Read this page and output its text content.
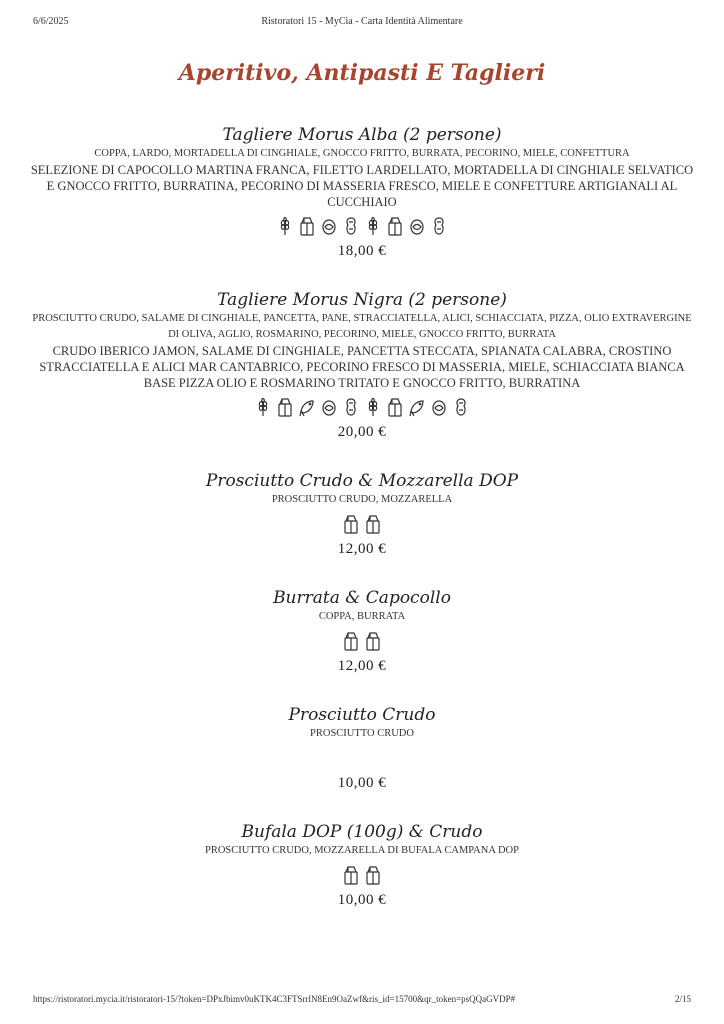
6/6/2025	Ristoratori 15 - MyCia - Carta Identità Alimentare
Aperitivo, Antipasti E Taglieri

Tagliere Morus Alba (2 persone)

COPPA, LARDO, MORTADELLA DI CINGHIALE, GNOCCO FRITTO, BURRATA, PECORINO, MIELE, CONFETTURA

SELEZIONE DI CAPOCOLLO MARTINA FRANCA, FILETTO LARDELLATO, MORTADELLA DI CINGHIALE SELVATICO E GNOCCO FRITTO, BURRATINA, PECORINO DI MASSERIA FRESCO, MIELE E CONFETTURE ARTIGIANALI AL CUCCHIAIO

18,00 €

Tagliere Morus Nigra (2 persone)

PROSCIUTTO CRUDO, SALAME DI CINGHIALE, PANCETTA, PANE, STRACCIATELLA, ALICI, SCHIACCIATA, PIZZA, OLIO EXTRAVERGINE DI OLIVA, AGLIO, ROSMARINO, PECORINO, MIELE, GNOCCO FRITTO, BURRATA

CRUDO IBERICO JAMON, SALAME DI CINGHIALE, PANCETTA STECCATA, SPIANATA CALABRA, CROSTINO STRACCIATELLA E ALICI MAR CANTABRICO, PECORINO FRESCO DI MASSERIA, MIELE, SCHIACCIATA BIANCA BASE PIZZA OLIO E ROSMARINO TRITATO E GNOCCO FRITTO, BURRATINA

20,00 €

Prosciutto Crudo & Mozzarella DOP

PROSCIUTTO CRUDO, MOZZARELLA

12,00 €

Burrata & Capocollo

COPPA, BURRATA

12,00 €

Prosciutto Crudo

PROSCIUTTO CRUDO

10,00 €

Bufala DOP (100g) & Crudo

PROSCIUTTO CRUDO, MOZZARELLA DI BUFALA CAMPANA DOP

10,00 €
https://ristoratori.mycia.it/ristoratori-15/?token=DPxJbimv0uKTK4C3FTSrrlN8En9OaZwf&ris_id=15700&qr_token=psQQaGVDP#	2/15
